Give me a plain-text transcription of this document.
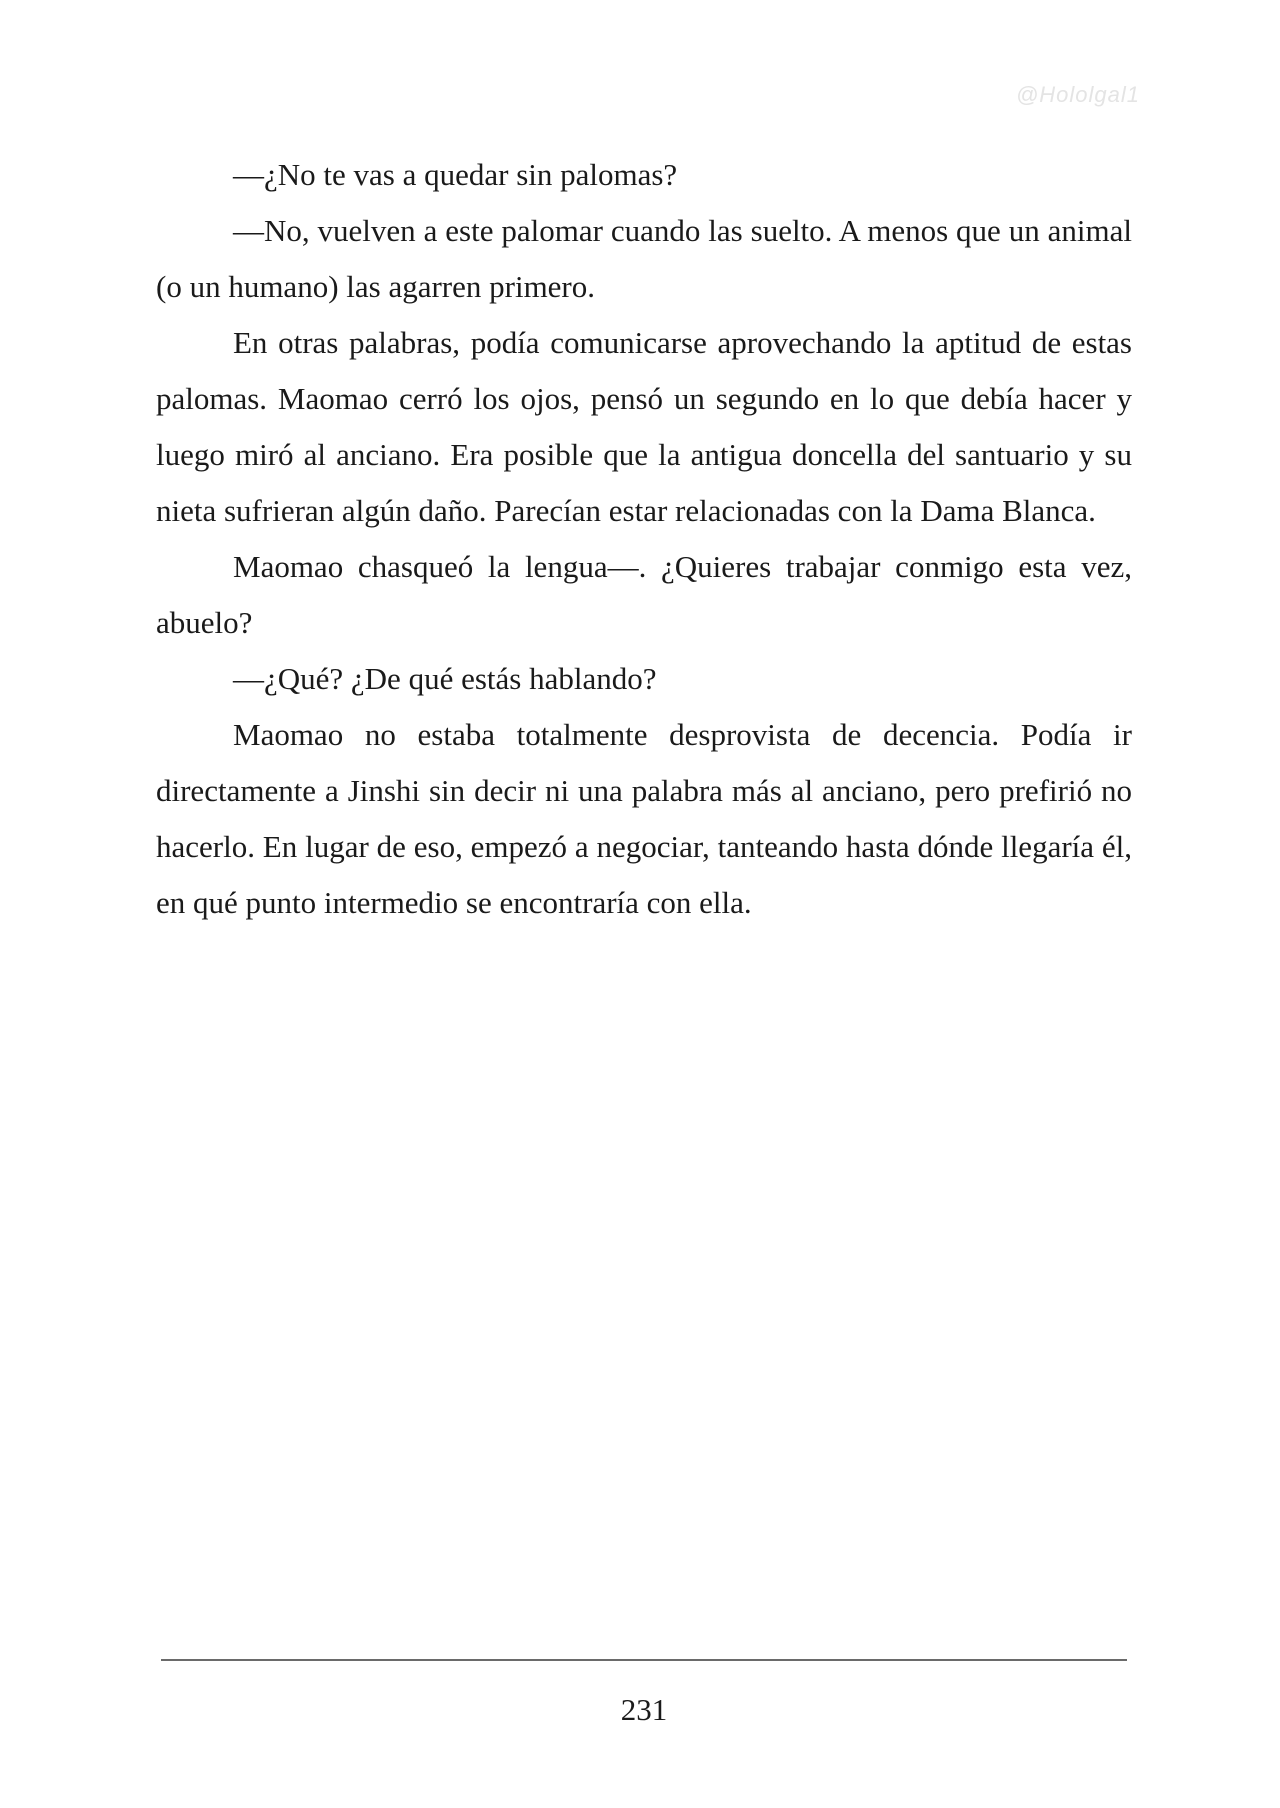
@Hololgal1

—¿No te vas a quedar sin palomas?

—No, vuelven a este palomar cuando las suelto. A menos que un animal (o un humano) las agarren primero.

En otras palabras, podía comunicarse aprovechando la aptitud de estas palomas. Maomao cerró los ojos, pensó un segundo en lo que debía hacer y luego miró al anciano. Era posible que la antigua doncella del santuario y su nieta sufrieran algún daño. Parecían estar relacionadas con la Dama Blanca.

Maomao chasqueó la lengua—. ¿Quieres trabajar conmigo esta vez, abuelo?

—¿Qué? ¿De qué estás hablando?

Maomao no estaba totalmente desprovista de decencia. Podía ir directamente a Jinshi sin decir ni una palabra más al anciano, pero prefirió no hacerlo. En lugar de eso, empezó a negociar, tanteando hasta dónde llegaría él, en qué punto intermedio se encontraría con ella.

231
